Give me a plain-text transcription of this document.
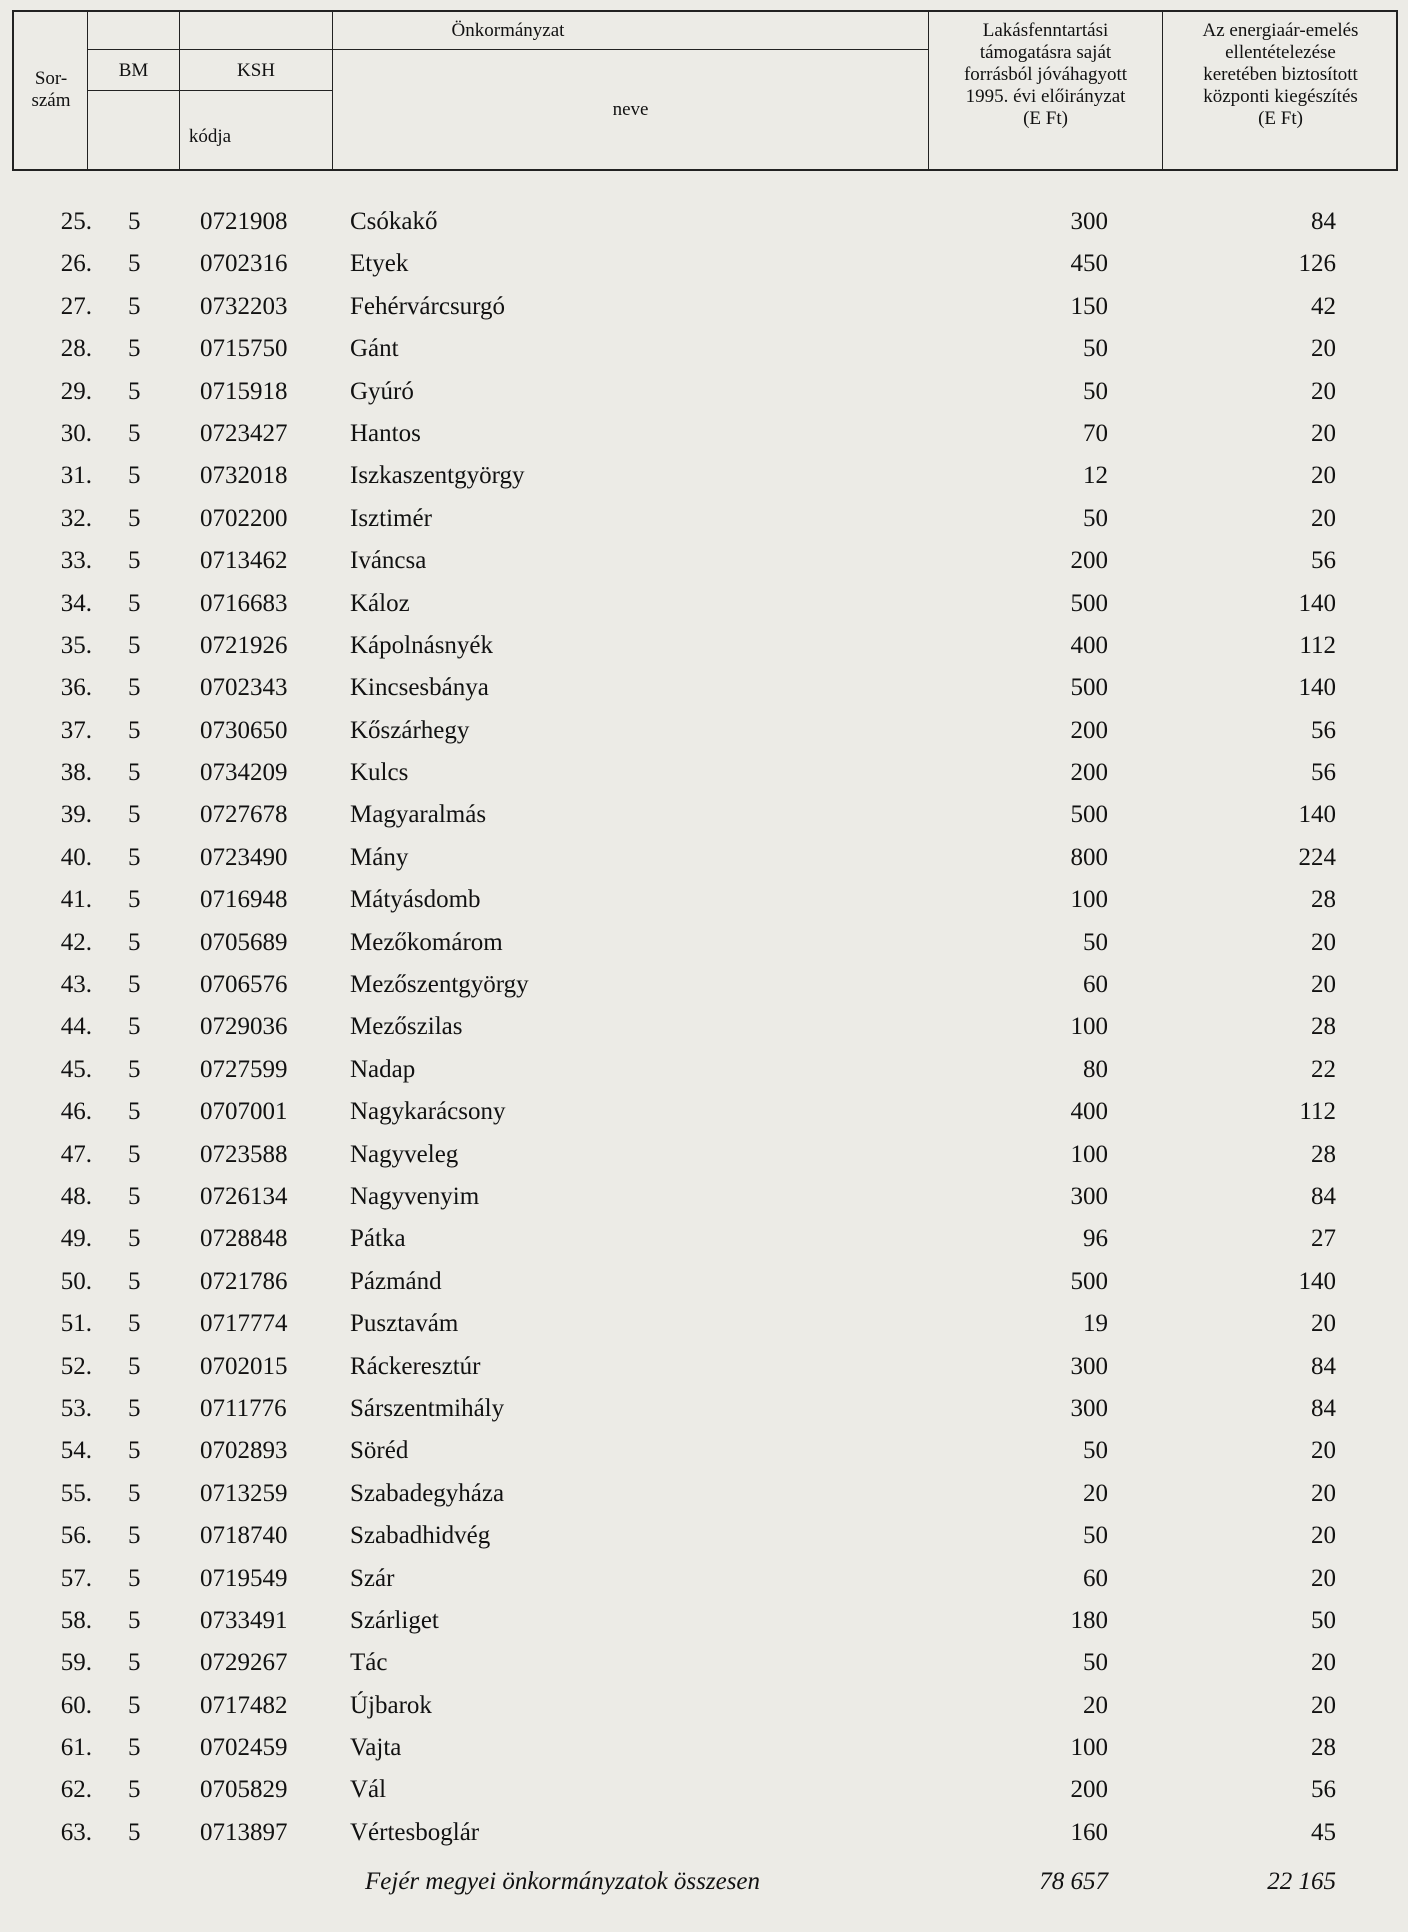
Sor-
szám
Önkormányzat
BM	KSH
kódja
neve
Lakásfenntartási
támogatásra saját
forrásból jóváhagyott
1995. évi előirányzat
(E Ft)
Az energiaár-emelés
ellentételezése
keretében biztosított
központi kiegészítés
(E Ft)
25. 5 0721908	Csókakő	300	84
26. 5 0702316	Etyek	450	126
27. 5 0732203	Fehérvárcsurgó	150	42
28. 5 0715750	Gánt	50	20
29. 5 0715918	Gyúró	50	20
30. 5 0723427	Hantos	70	20
31. 5 0732018	Iszkaszentgyörgy	12	20
32. 5 0702200	Isztimér	50	20
33. 5 0713462	Iváncsa	200	56
34. 5 0716683	Káloz	500	140
35. 5 0721926	Kápolnásnyék	400	112
36. 5 0702343	Kincsesbánya	500	140
37. 5 0730650	Kőszárhegy	200	56
38. 5 0734209	Kulcs	200	56
39. 5 0727678	Magyaralmás	500	140
40. 5 0723490	Mány	800	224
41. 5 0716948	Mátyásdomb	100	28
42. 5 0705689	Mezőkomárom	50	20
43. 5 0706576	Mezőszentgyörgy	60	20
44. 5 0729036	Mezőszilas	100	28
45. 5 0727599	Nadap	80	22
46. 5 0707001	Nagykarácsony	400	112
47. 5 0723588	Nagyveleg	100	28
48. 5 0726134	Nagyvenyim	300	84
49. 5 0728848	Pátka	96	27
50. 5 0721786	Pázmánd	500	140
51. 5 0717774	Pusztavám	19	20
52. 5 0702015	Ráckeresztúr	300	84
53. 5 0711776	Sárszentmihály	300	84
54. 5 0702893	Söréd	50	20
55. 5 0713259	Szabadegyháza	20	20
56. 5 0718740	Szabadhidvég	50	20
57. 5 0719549	Szár	60	20
58. 5 0733491	Szárliget	180	50
59. 5 0729267	Tác	50	20
60. 5 0717482	Újbarok	20	20
61. 5 0702459	Vajta	100	28
62. 5 0705829	Vál	200	56
63. 5 0713897	Vértesboglár	160	45
Fejér megyei önkormányzatok összesen	78 657	22 165
